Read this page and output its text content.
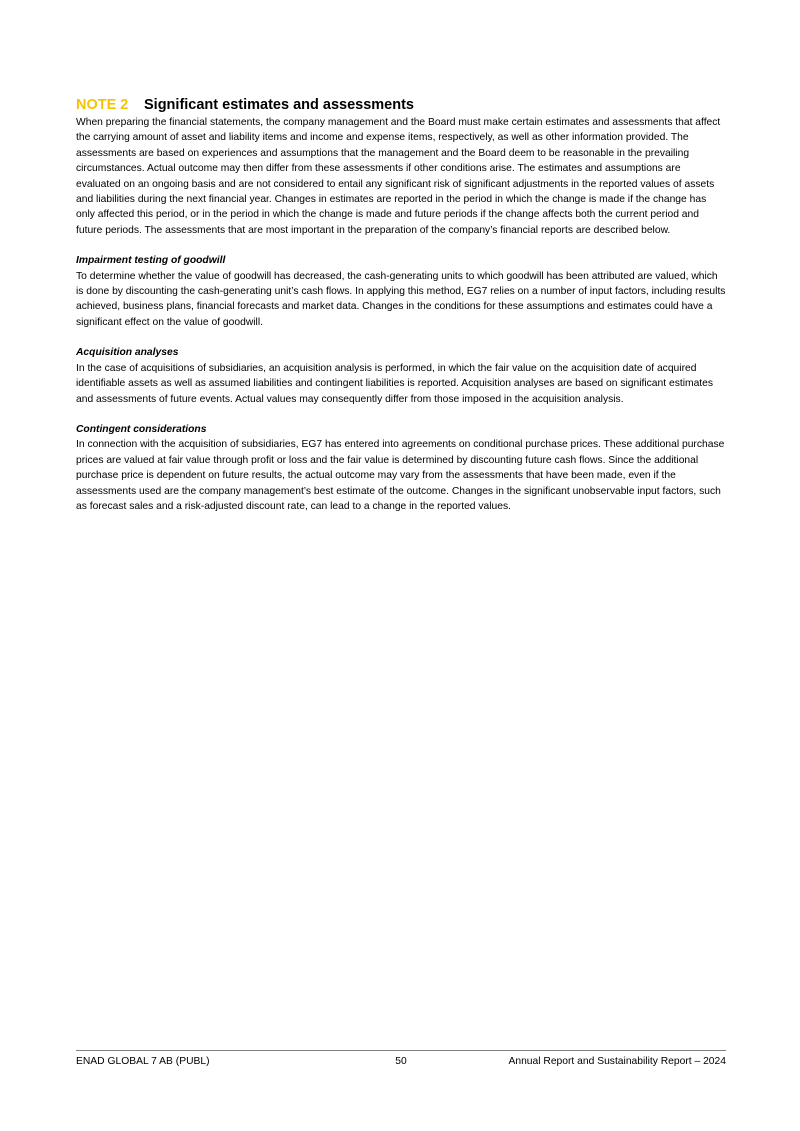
NOTE 2	Significant estimates and assessments

When preparing the financial statements, the company management and the Board must make certain estimates and assessments that affect the carrying amount of asset and liability items and income and expense items, respectively, as well as other information provided. The assessments are based on experiences and assumptions that the management and the Board deem to be reasonable in the prevailing circumstances. Actual outcome may then differ from these assessments if other conditions arise. The estimates and assumptions are evaluated on an ongoing basis and are not considered to entail any significant risk of significant adjustments in the reported values of assets and liabilities during the next financial year. Changes in estimates are reported in the period in which the change is made if the change has only affected this period, or in the period in which the change is made and future periods if the change affects both the current period and future periods. The assessments that are most important in the preparation of the company’s financial reports are described below.

Impairment testing of goodwill

To determine whether the value of goodwill has decreased, the cash-generating units to which goodwill has been attributed are valued, which is done by discounting the cash-generating unit’s cash flows. In applying this method, EG7 relies on a number of input factors, including results achieved, business plans, financial forecasts and market data. Changes in the conditions for these assumptions and estimates could have a significant effect on the value of goodwill.

Acquisition analyses

In the case of acquisitions of subsidiaries, an acquisition analysis is performed, in which the fair value on the acquisition date of acquired identifiable assets as well as assumed liabilities and contingent liabilities is reported. Acquisition analyses are based on significant estimates and assessments of future events. Actual values may consequently differ from those imposed in the acquisition analysis.

Contingent considerations

In connection with the acquisition of subsidiaries, EG7 has entered into agreements on conditional purchase prices. These additional purchase prices are valued at fair value through profit or loss and the fair value is determined by discounting future cash flows. Since the additional purchase price is dependent on future results, the actual outcome may vary from the assessments that have been made, even if the assessments used are the company management’s best estimate of the outcome. Changes in the significant unobservable input factors, such as forecast sales and a risk-adjusted discount rate, can lead to a change in the reported values.

ENAD GLOBAL 7 AB (PUBL)	50	Annual Report and Sustainability Report – 2024
